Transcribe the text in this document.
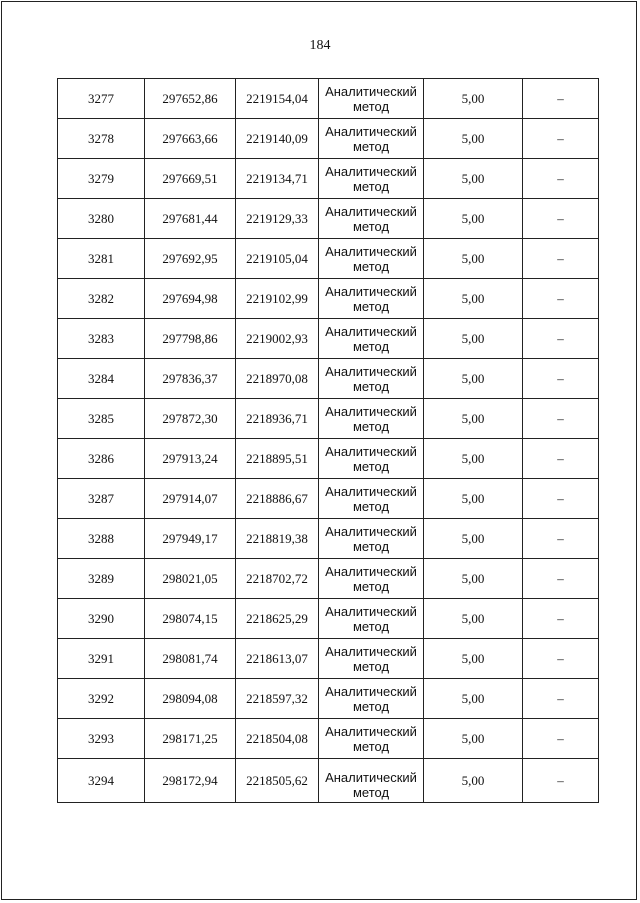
184
3277	297652,86	2219154,04	Аналитический
метод	5,00	–
3278	297663,66	2219140,09	Аналитический
метод	5,00	–
3279	297669,51	2219134,71	Аналитический
метод	5,00	–
3280	297681,44	2219129,33	Аналитический
метод	5,00	–
3281	297692,95	2219105,04	Аналитический
метод	5,00	–
3282	297694,98	2219102,99	Аналитический
метод	5,00	–
3283	297798,86	2219002,93	Аналитический
метод	5,00	–
3284	297836,37	2218970,08	Аналитический
метод	5,00	–
3285	297872,30	2218936,71	Аналитический
метод	5,00	–
3286	297913,24	2218895,51	Аналитический
метод	5,00	–
3287	297914,07	2218886,67	Аналитический
метод	5,00	–
3288	297949,17	2218819,38	Аналитический
метод	5,00	–
3289	298021,05	2218702,72	Аналитический
метод	5,00	–
3290	298074,15	2218625,29	Аналитический
метод	5,00	–
3291	298081,74	2218613,07	Аналитический
метод	5,00	–
3292	298094,08	2218597,32	Аналитический
метод	5,00	–
3293	298171,25	2218504,08	Аналитический
метод	5,00	–
3294	298172,94	2218505,62	Аналитический
метод	5,00	–
